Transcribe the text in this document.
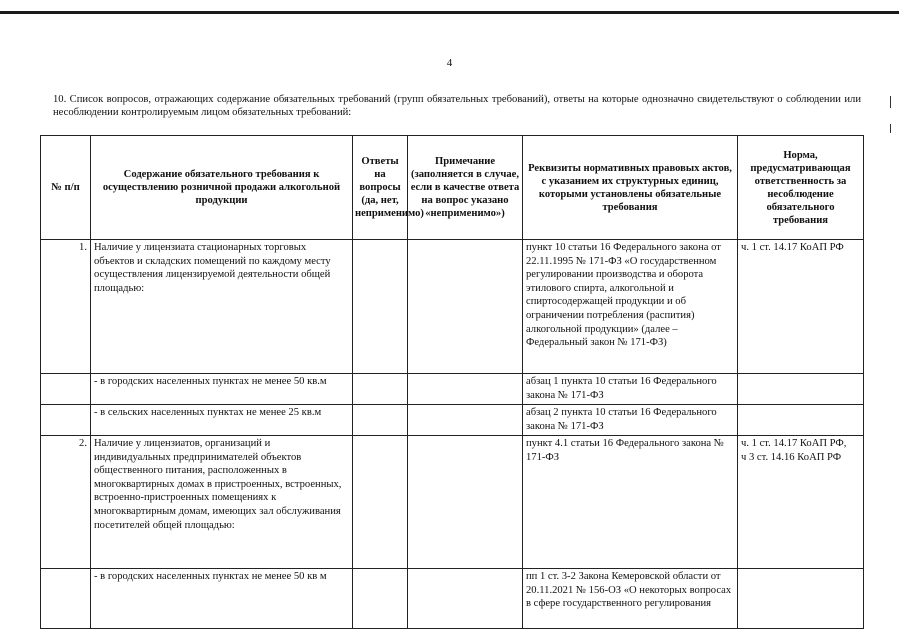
4
10. Список вопросов, отражающих содержание обязательных требований (групп обязательных требований), ответы на которые однозначно свидетельствуют о соблюдении или несоблюдении контролируемым лицом обязательных требований:
№ п/п	Содержание обязательного требования к осуществлению розничной продажи алкогольной продукции	Ответы на вопросы (да, нет, неприменимо)	Примечание (заполняется в случае, если в качестве ответа на вопрос указано «неприменимо»)	Реквизиты нормативных правовых актов, с указанием их структурных единиц, которыми установлены обязательные требования	Норма, предусматривающая ответственность за несоблюдение обязательного требования
1.	Наличие у лицензиата стационарных торговых объектов и складских помещений по каждому месту осуществления лицензируемой деятельности общей площадью:			пункт 10 статьи 16 Федерального закона от 22.11.1995 № 171-ФЗ «О государственном регулировании производства и оборота этилового спирта, алкогольной и спиртосодержащей продукции и об ограничении потребления (распития) алкогольной продукции» (далее – Федеральный закон № 171-ФЗ)	ч. 1 ст. 14.17 КоАП РФ
	- в городских населенных пунктах не менее 50 кв.м			абзац 1 пункта 10 статьи 16 Федерального закона № 171-ФЗ	
	- в сельских населенных пунктах не менее 25 кв.м			абзац 2 пункта 10 статьи 16 Федерального закона № 171-ФЗ	
2.	Наличие у лицензиатов, организаций и индивидуальных предпринимателей объектов общественного питания, расположенных в многоквартирных домах в пристроенных, встроенных, встроенно-пристроенных помещениях к многоквартирным домам, имеющих зал обслуживания посетителей общей площадью:			пункт 4.1 статьи 16 Федерального закона № 171-ФЗ	ч. 1 ст. 14.17 КоАП РФ,
ч 3 ст. 14.16 КоАП РФ
	- в городских населенных пунктах не менее 50 кв м			пп 1 ст. 3-2 Закона Кемеровской области от 20.11.2021 № 156-ОЗ «О некоторых вопросах в сфере государственного регулирования	
